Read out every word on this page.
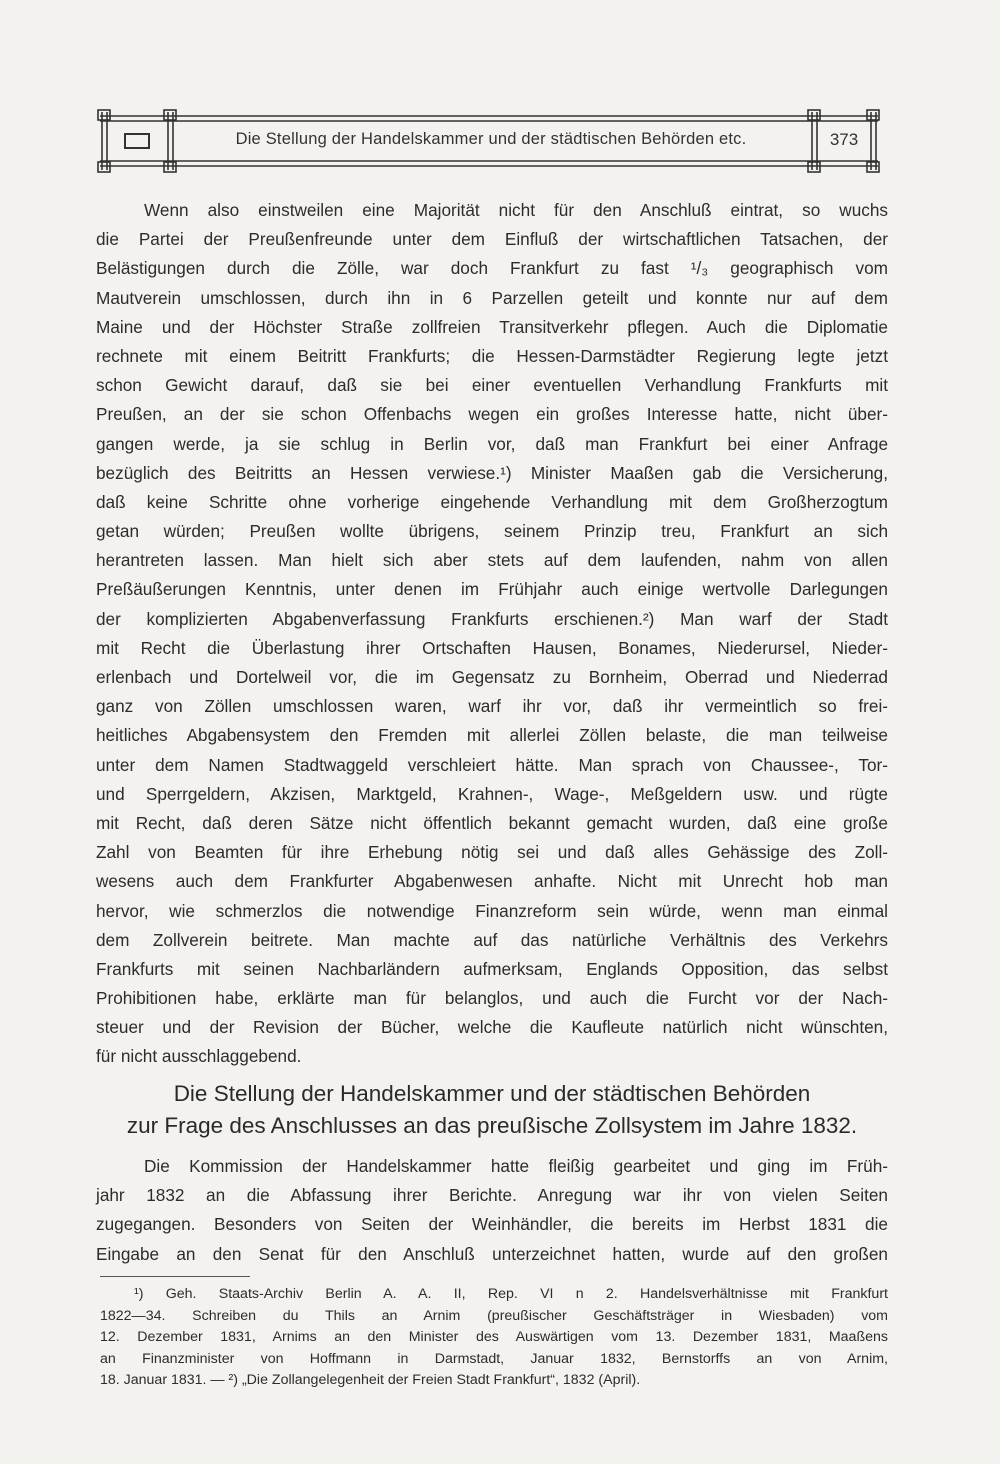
Die Stellung der Handelskammer und der städtischen Behörden etc.	373
Wenn also einstweilen eine Majorität nicht für den Anschluß eintrat, so wuchs
die Partei der Preußenfreunde unter dem Einfluß der wirtschaftlichen Tatsachen, der
Belästigungen durch die Zölle, war doch Frankfurt zu fast ¹/₃ geographisch vom
Mautverein umschlossen, durch ihn in 6 Parzellen geteilt und konnte nur auf dem
Maine und der Höchster Straße zollfreien Transitverkehr pflegen. Auch die Diplomatie
rechnete mit einem Beitritt Frankfurts; die Hessen-Darmstädter Regierung legte jetzt
schon Gewicht darauf, daß sie bei einer eventuellen Verhandlung Frankfurts mit
Preußen, an der sie schon Offenbachs wegen ein großes Interesse hatte, nicht über-
gangen werde, ja sie schlug in Berlin vor, daß man Frankfurt bei einer Anfrage
bezüglich des Beitritts an Hessen verwiese.¹) Minister Maaßen gab die Versicherung,
daß keine Schritte ohne vorherige eingehende Verhandlung mit dem Großherzogtum
getan würden; Preußen wollte übrigens, seinem Prinzip treu, Frankfurt an sich
herantreten lassen. Man hielt sich aber stets auf dem laufenden, nahm von allen
Preßäußerungen Kenntnis, unter denen im Frühjahr auch einige wertvolle Darlegungen
der komplizierten Abgabenverfassung Frankfurts erschienen.²) Man warf der Stadt
mit Recht die Überlastung ihrer Ortschaften Hausen, Bonames, Niederursel, Nieder-
erlenbach und Dortelweil vor, die im Gegensatz zu Bornheim, Oberrad und Niederrad
ganz von Zöllen umschlossen waren, warf ihr vor, daß ihr vermeintlich so frei-
heitliches Abgabensystem den Fremden mit allerlei Zöllen belaste, die man teilweise
unter dem Namen Stadtwaggeld verschleiert hätte. Man sprach von Chaussee-, Tor-
und Sperrgeldern, Akzisen, Marktgeld, Krahnen-, Wage-, Meßgeldern usw. und rügte
mit Recht, daß deren Sätze nicht öffentlich bekannt gemacht wurden, daß eine große
Zahl von Beamten für ihre Erhebung nötig sei und daß alles Gehässige des Zoll-
wesens auch dem Frankfurter Abgabenwesen anhafte. Nicht mit Unrecht hob man
hervor, wie schmerzlos die notwendige Finanzreform sein würde, wenn man einmal
dem Zollverein beitrete. Man machte auf das natürliche Verhältnis des Verkehrs
Frankfurts mit seinen Nachbarländern aufmerksam, Englands Opposition, das selbst
Prohibitionen habe, erklärte man für belanglos, und auch die Furcht vor der Nach-
steuer und der Revision der Bücher, welche die Kaufleute natürlich nicht wünschten,
für nicht ausschlaggebend.
Die Stellung der Handelskammer und der städtischen Behörden
zur Frage des Anschlusses an das preußische Zollsystem im Jahre 1832.
Die Kommission der Handelskammer hatte fleißig gearbeitet und ging im Früh-
jahr 1832 an die Abfassung ihrer Berichte. Anregung war ihr von vielen Seiten
zugegangen. Besonders von Seiten der Weinhändler, die bereits im Herbst 1831 die
Eingabe an den Senat für den Anschluß unterzeichnet hatten, wurde auf den großen
¹) Geh. Staats-Archiv Berlin A. A. II, Rep. VI n 2. Handelsverhältnisse mit Frankfurt
1822—34. Schreiben du Thils an Arnim (preußischer Geschäftsträger in Wiesbaden) vom
12. Dezember 1831, Arnims an den Minister des Auswärtigen vom 13. Dezember 1831, Maaßens
an Finanzminister von Hoffmann in Darmstadt, Januar 1832, Bernstorffs an von Arnim,
18. Januar 1831. — ²) „Die Zollangelegenheit der Freien Stadt Frankfurt“, 1832 (April).
